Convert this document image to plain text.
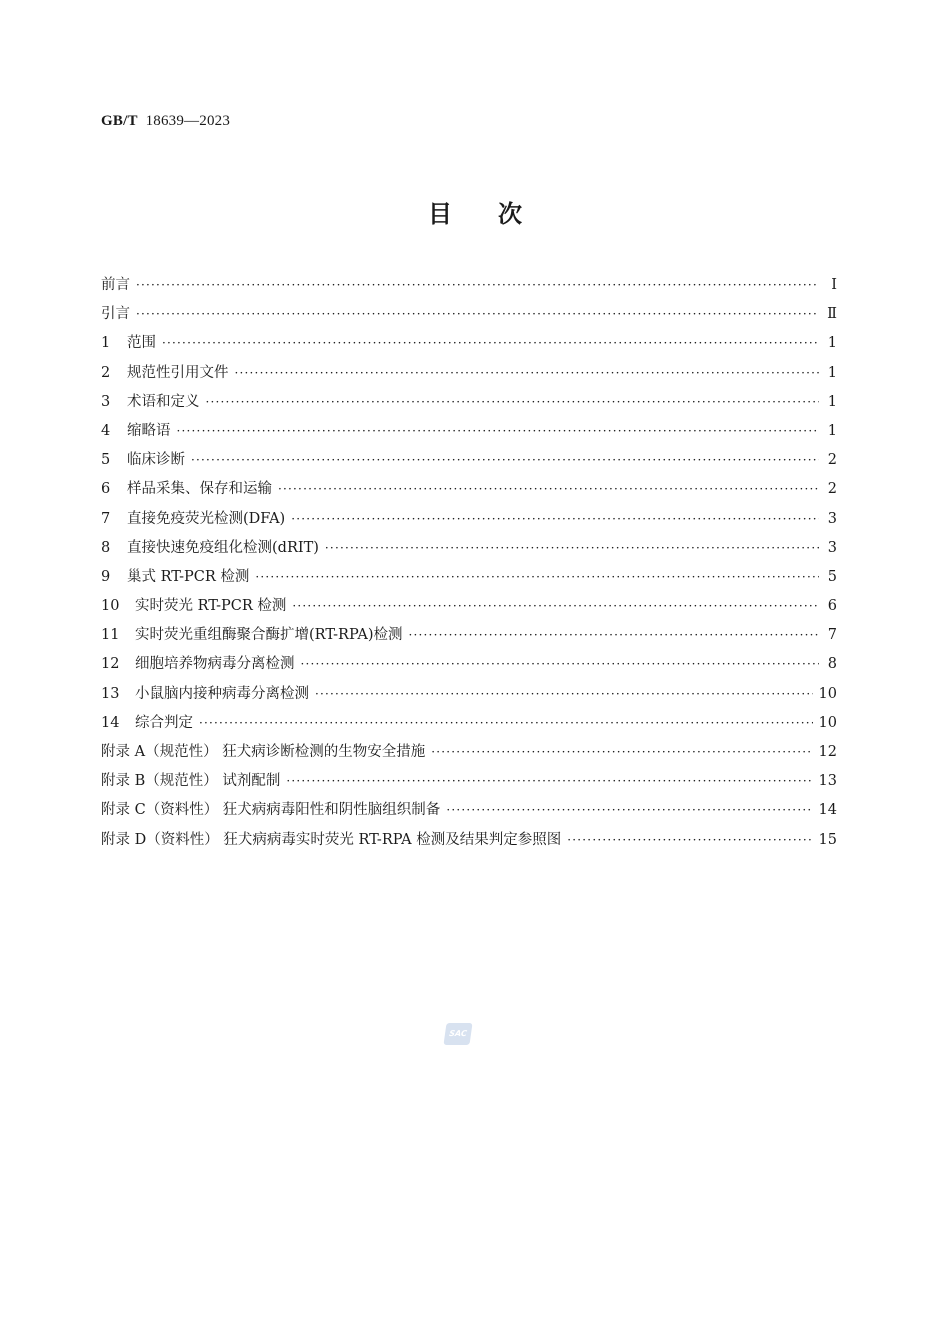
GB/T 18639—2023
目次
前言 ·····	Ⅰ
引言 ·····	Ⅱ
1	范围 ·····	1
2	规范性引用文件 ·····	1
3	术语和定义 ·····	1
4	缩略语 ·····	1
5	临床诊断 ·····	2
6	样品采集、保存和运输 ·····	2
7	直接免疫荧光检测(DFA) ·····	3
8	直接快速免疫组化检测(dRIT) ·····	3
9	巢式 RT-PCR 检测 ·····	5
10	实时荧光 RT-PCR 检测 ·····	6
11	实时荧光重组酶聚合酶扩增(RT-RPA)检测 ·····	7
12	细胞培养物病毒分离检测 ·····	8
13	小鼠脑内接种病毒分离检测 ·····	10
14	综合判定 ·····	10
附录 A（规范性） 狂犬病诊断检测的生物安全措施 ·····	12
附录 B（规范性） 试剂配制 ·····	13
附录 C（资料性） 狂犬病病毒阳性和阴性脑组织制备 ·····	14
附录 D（资料性） 狂犬病病毒实时荧光 RT-RPA 检测及结果判定参照图 ·····	15
SAC
